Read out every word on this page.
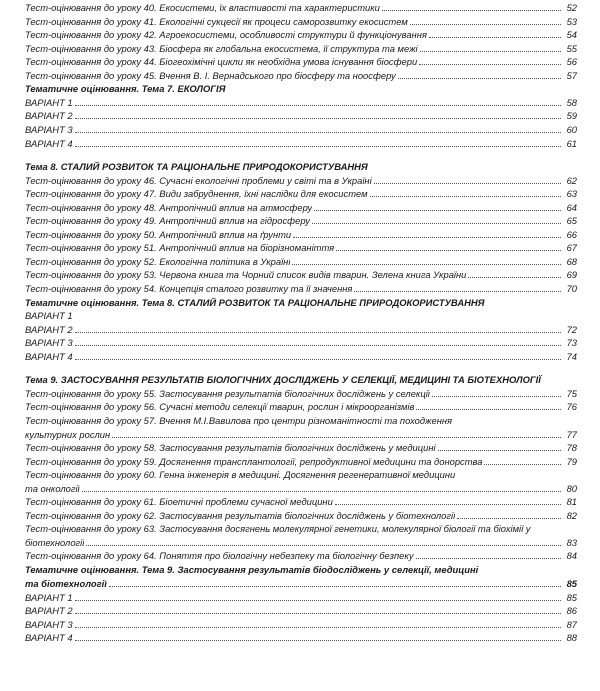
Тест-оцінювання до уроку 40. Екосистеми, їх властивості та характеристики	52
Тест-оцінювання до уроку 41. Екологічні сукцесії як процеси саморозвитку екосистем	53
Тест-оцінювання до уроку 42. Агроекосистеми, особливості структури й функціонування	54
Тест-оцінювання до уроку 43. Біосфера як глобальна екосистема, її структура та межі	55
Тест-оцінювання до уроку 44. Біогеохімічні цикли як необхідна умова існування біосфери	56
Тест-оцінювання до уроку 45. Вчення В. І. Вернадського про біосферу та ноосферу	57
Тематичне оцінювання. Тема 7. ЕКОЛОГІЯ
ВАРІАНТ 1	58
ВАРІАНТ 2	59
ВАРІАНТ 3	60
ВАРІАНТ 4	61
Тема 8. СТАЛИЙ РОЗВИТОК ТА РАЦІОНАЛЬНЕ ПРИРОДОКОРИСТУВАННЯ
Тест-оцінювання до уроку 46. Сучасні екологічні проблеми у світі та в Україні	62
Тест-оцінювання до уроку 47. Види забруднення, їхні наслідки для екосистем	63
Тест-оцінювання до уроку 48. Антропічний вплив на атмосферу	64
Тест-оцінювання до уроку 49. Антропічний вплив на гідросферу	65
Тест-оцінювання до уроку 50. Антропічний вплив на ґрунти	66
Тест-оцінювання до уроку 51. Антропічний вплив на біорізноманіття	67
Тест-оцінювання до уроку 52. Екологічна політика в Україні	68
Тест-оцінювання до уроку 53. Червона книга та Чорний список видів тварин. Зелена книга України	69
Тест-оцінювання до уроку 54. Концепція сталого розвитку та її значення	70
Тематичне оцінювання. Тема 8. СТАЛИЙ РОЗВИТОК ТА РАЦІОНАЛЬНЕ ПРИРОДОКОРИСТУВАННЯ
ВАРІАНТ 1
ВАРІАНТ 2	72
ВАРІАНТ 3	73
ВАРІАНТ 4	74
Тема 9. ЗАСТОСУВАННЯ РЕЗУЛЬТАТІВ БІОЛОГІЧНИХ ДОСЛІДЖЕНЬ У СЕЛЕКЦІЇ, МЕДИЦИНІ ТА БІОТЕХНОЛОГІЇ
Тест-оцінювання до уроку 55. Застосування результатів біологічних досліджень у селекції	75
Тест-оцінювання до уроку 56. Сучасні методи селекції тварин, рослин і мікроорганізмів	76
Тест-оцінювання до уроку 57. Вчення М.І.Вавилова про центри різноманітності та походження
культурних рослин	77
Тест-оцінювання до уроку 58. Застосування результатів біологічних досліджень у медицині	78
Тест-оцінювання до уроку 59. Досягнення трансплантології, репродуктивної медицини та донорства	79
Тест-оцінювання до уроку 60. Генна інженерія в медицині. Досягнення регенеративної медицини
та онкології	80
Тест-оцінювання до уроку 61. Біоетичні проблеми сучасної медицини	81
Тест-оцінювання до уроку 62. Застосування результатів біологічних досліджень у біотехнології	82
Тест-оцінювання до уроку 63. Застосування досягнень молекулярної генетики, молекулярної біології та біохімії у
біотехнології	83
Тест-оцінювання до уроку 64. Поняття про біологічну небезпеку та біологічну безпеку	84
Тематичне оцінювання. Тема 9. Застосування результатів біодосліджень у селекції, медицині
та біотехнології	85
ВАРІАНТ 1	85
ВАРІАНТ 2	86
ВАРІАНТ 3	87
ВАРІАНТ 4	88
